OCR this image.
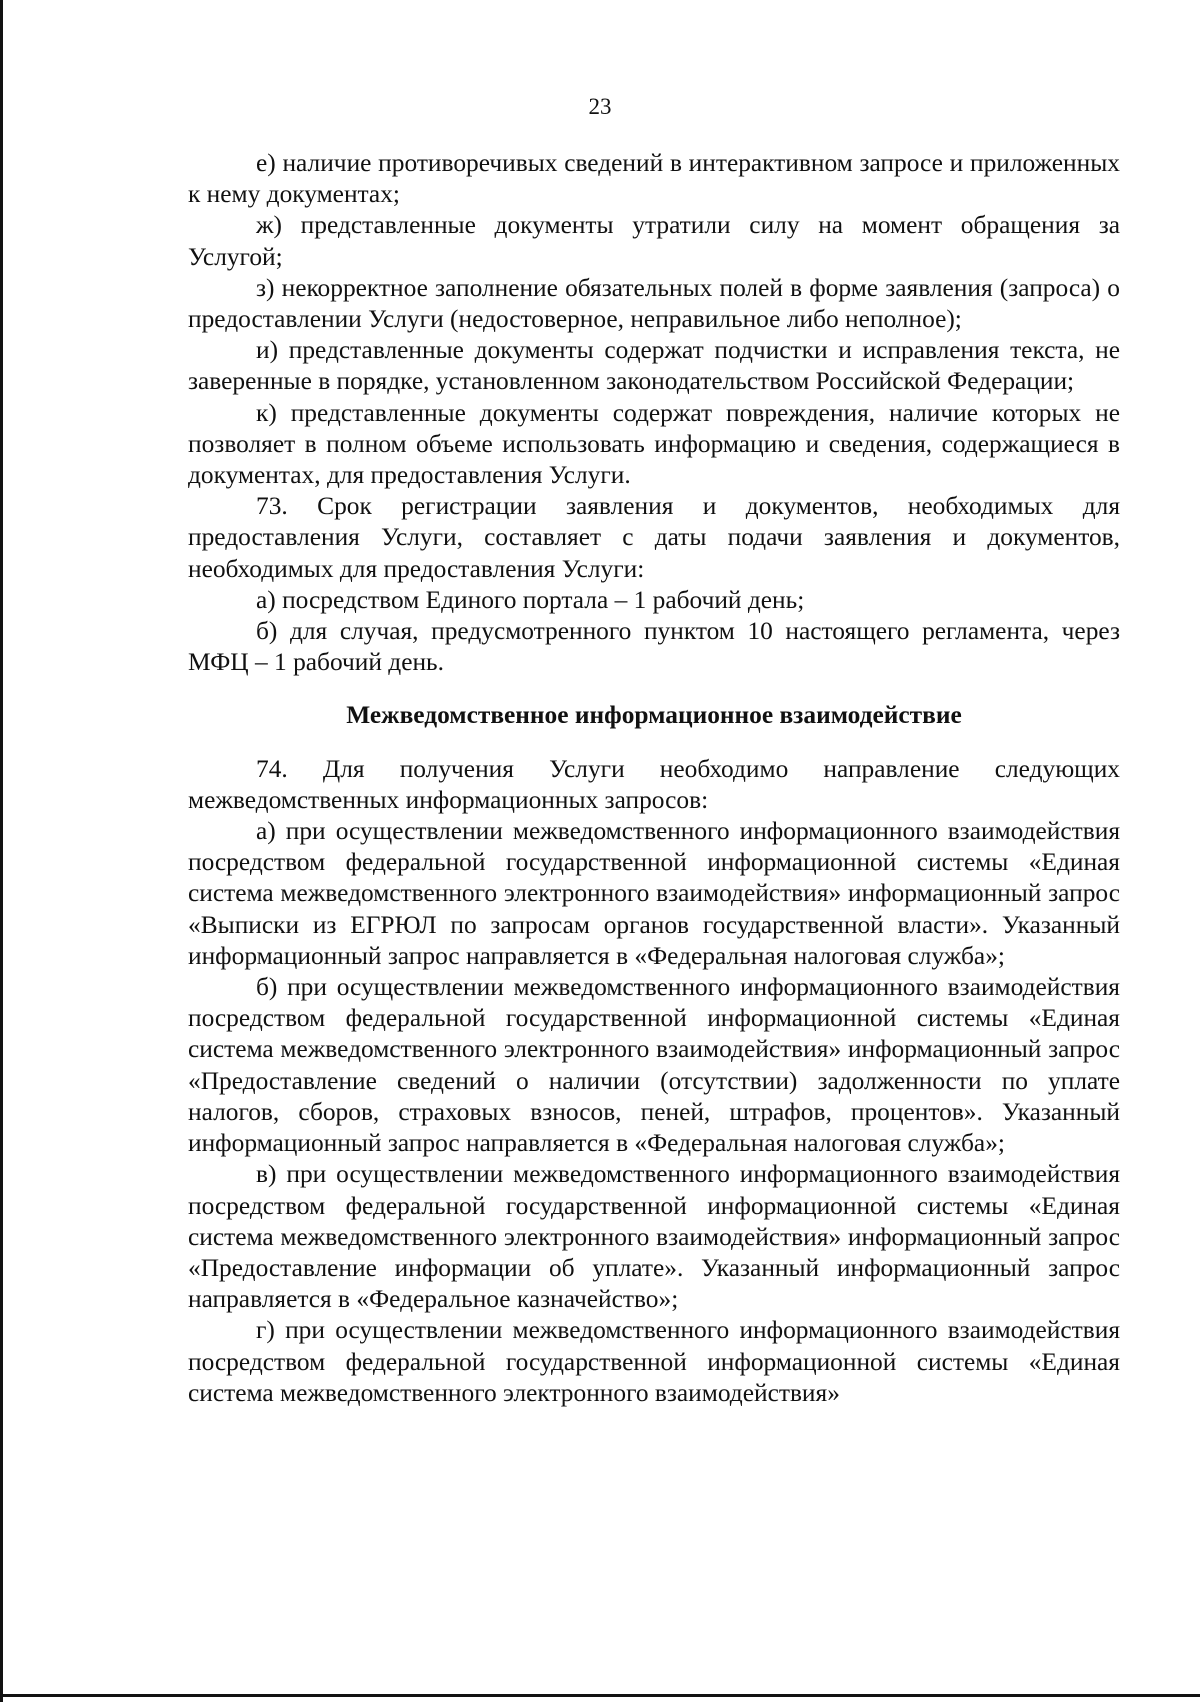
23

е) наличие противоречивых сведений в интерактивном запросе и приложенных к нему документах;

ж) представленные документы утратили силу на момент обращения за Услугой;

з) некорректное заполнение обязательных полей в форме заявления (запроса) о предоставлении Услуги (недостоверное, неправильное либо неполное);

и) представленные документы содержат подчистки и исправления текста, не заверенные в порядке, установленном законодательством Российской Федерации;

к) представленные документы содержат повреждения, наличие которых не позволяет в полном объеме использовать информацию и сведения, содержащиеся в документах, для предоставления Услуги.

73. Срок регистрации заявления и документов, необходимых для предоставления Услуги, составляет с даты подачи заявления и документов, необходимых для предоставления Услуги:

а) посредством Единого портала – 1 рабочий день;

б) для случая, предусмотренного пунктом 10 настоящего регламента, через МФЦ – 1 рабочий день.

Межведомственное информационное взаимодействие

74. Для получения Услуги необходимо направление следующих межведомственных информационных запросов:

а) при осуществлении межведомственного информационного взаимодействия посредством федеральной государственной информационной системы «Единая система межведомственного электронного взаимодействия» информационный запрос «Выписки из ЕГРЮЛ по запросам органов государственной власти». Указанный информационный запрос направляется в «Федеральная налоговая служба»;

б) при осуществлении межведомственного информационного взаимодействия посредством федеральной государственной информационной системы «Единая система межведомственного электронного взаимодействия» информационный запрос «Предоставление сведений о наличии (отсутствии) задолженности по уплате налогов, сборов, страховых взносов, пеней, штрафов, процентов». Указанный информационный запрос направляется в «Федеральная налоговая служба»;

в) при осуществлении межведомственного информационного взаимодействия посредством федеральной государственной информационной системы «Единая система межведомственного электронного взаимодействия» информационный запрос «Предоставление информации об уплате». Указанный информационный запрос направляется в «Федеральное казначейство»;

г) при осуществлении межведомственного информационного взаимодействия посредством федеральной государственной информационной системы «Единая система межведомственного электронного взаимодействия»
